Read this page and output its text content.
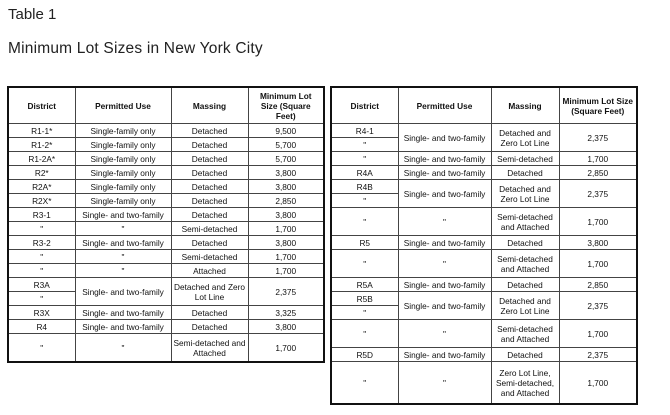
Table 1
Minimum Lot Sizes in New York City
District	Permitted Use	Massing	Minimum Lot Size (Square Feet)
R1-1*	Single-family only	Detached	9,500
R1-2*	Single-family only	Detached	5,700
R1-2A*	Single-family only	Detached	5,700
R2*	Single-family only	Detached	3,800
R2A*	Single-family only	Detached	3,800
R2X*	Single-family only	Detached	2,850
R3-1	Single- and two-family	Detached	3,800
"	"	Semi-detached	1,700
R3-2	Single- and two-family	Detached	3,800
"	"	Semi-detached	1,700
"	"	Attached	1,700
R3A	Single- and two-family	Detached and Zero Lot Line	2,375
"			
R3X	Single- and two-family	Detached	3,325
R4	Single- and two-family	Detached	3,800
"	"	Semi-detached and Attached	1,700
District	Permitted Use	Massing	Minimum Lot Size (Square Feet)
R4-1	Single- and two-family	Detached and Zero Lot Line	2,375
"			
"	Single- and two-family	Semi-detached	1,700
R4A	Single- and two-family	Detached	2,850
R4B	Single- and two-family	Detached and Zero Lot Line	2,375
"			
"	"	Semi-detached and Attached	1,700
R5	Single- and two-family	Detached	3,800
"	"	Semi-detached and Attached	1,700
R5A	Single- and two-family	Detached	2,850
R5B	Single- and two-family	Detached and Zero Lot Line	2,375
"			
"	"	Semi-detached and Attached	1,700
R5D	Single- and two-family	Detached	2,375
"	"	Zero Lot Line, Semi-detached, and Attached	1,700
